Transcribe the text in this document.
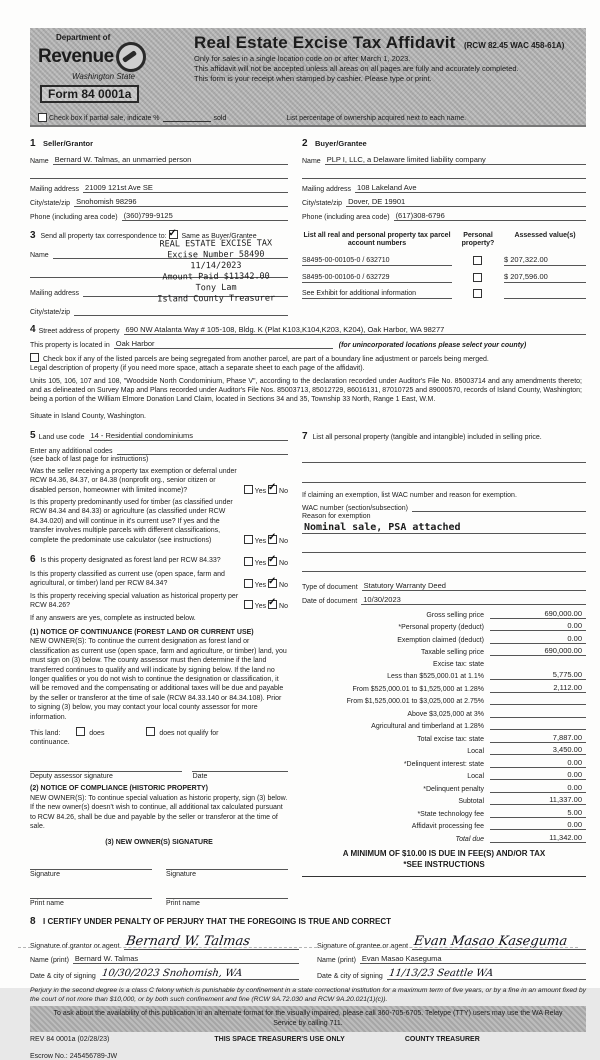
Department of
Revenue
Washington State
Form 84 0001a
Real Estate Excise Tax Affidavit (RCW 82.45 WAC 458-61A)
Only for sales in a single location code on or after March 1, 2023.
This affidavit will not be accepted unless all areas on all pages are fully and accurately completed.
This form is your receipt when stamped by cashier. Please type or print.
Check box if partial sale, indicate %	sold	List percentage of ownership acquired next to each name.
1 Seller/Grantor
Name Bernard W. Talmas, an unmarried person
Mailing address 21009 121st Ave SE
City/state/zip Snohomish 98296
Phone (including area code) (360)799-9125
2 Buyer/Grantee
Name PLP I, LLC, a Delaware limited liability company
Mailing address 108 Lakeland Ave
City/state/zip Dover, DE 19901
Phone (including area code) (617)308-6796
3 Send all property tax correspondence to: ✓ Same as Buyer/Grantee
Name
Mailing address
City/state/zip
REAL ESTATE EXCISE TAX
Excise Number 58490
11/14/2023
Amount Paid $11342.00
Tony Lam
Island County Treasurer
List all real and personal property tax parcel account numbers
Personal property?
Assessed value(s)
S8495-00-00105-0 / 632710	$ 207,322.00
S8495-00-00106-0 / 632729	$ 207,596.00
See Exhibit for additional information
4 Street address of property 690 NW Atalanta Way # 105-108, Bldg. K (Plat K103,K104,K203, K204), Oak Harbor, WA 98277
This property is located in Oak Harbor	(for unincorporated locations please select your county)
Check box if any of the listed parcels are being segregated from another parcel, are part of a boundary line adjustment or parcels being merged.
Legal description of property (if you need more space, attach a separate sheet to each page of the affidavit).
Units 105, 106, 107 and 108, "Woodside North Condominium, Phase V", according to the declaration recorded under Auditor's File No. 85003714 and any amendments thereto; and as delineated on Survey Map and Plans recorded under Auditor's File Nos. 85003713, 85012729, 86016131, 87010725 and 89000570, records of Island County, Washington; being a portion of the William Elmore Donation Land Claim, located in Sections 34 and 35, Township 33 North, Range 1 East, W.M.
Situate in Island County, Washington.
5 Land use code 14 - Residential condominiums
Enter any additional codes
(see back of last page for instructions)
Was the seller receiving a property tax exemption or deferral under RCW 84.36, 84.37, or 84.38 (nonprofit org., senior citizen or disabled person, homeowner with limited income)?	Yes ✓ No
Is this property predominantly used for timber (as classified under RCW 84.34 and 84.33) or agriculture (as classified under RCW 84.34.020) and will continue in it's current use? If yes and the transfer involves multiple parcels with different classifications, complete the predominate use calculator (see instructions)	Yes ✓ No
6 Is this property designated as forest land per RCW 84.33?	Yes ✓ No
Is this property classified as current use (open space, farm and agricultural, or timber) land per RCW 84.34?	Yes ✓ No
Is this property receiving special valuation as historical property per RCW 84.26?	Yes ✓ No
If any answers are yes, complete as instructed below.
(1) NOTICE OF CONTINUANCE (FOREST LAND OR CURRENT USE)
NEW OWNER(S): To continue the current designation as forest land or classification as current use (open space, farm and agriculture, or timber) land, you must sign on (3) below. The county assessor must then determine if the land transferred continues to qualify and will indicate by signing below. If the land no longer qualifies or you do not wish to continue the designation or classification, it will be removed and the compensating or additional taxes will be due and payable by the seller or transferor at the time of sale (RCW 84.33.140 or 84.34.108). Prior to signing (3) below, you may contact your local county assessor for more information.
This land:	does	does not qualify for
continuance.
Deputy assessor signature	Date
(2) NOTICE OF COMPLIANCE (HISTORIC PROPERTY)
NEW OWNER(S): To continue special valuation as historic property, sign (3) below. If the new owner(s) doesn't wish to continue, all additional tax calculated pursuant to RCW 84.26, shall be due and payable by the seller or transferor at the time of sale.
(3) NEW OWNER(S) SIGNATURE
Signature	Signature
Print name	Print name
7 List all personal property (tangible and intangible) included in selling price.
If claiming an exemption, list WAC number and reason for exemption.
WAC number (section/subsection)
Reason for exemption
Nominal sale, PSA attached
Type of document Statutory Warranty Deed
Date of document 10/30/2023
Gross selling price	690,000.00
*Personal property (deduct)	0.00
Exemption claimed (deduct)	0.00
Taxable selling price	690,000.00
Excise tax: state
Less than $525,000.01 at 1.1%	5,775.00
From $525,000.01 to $1,525,000 at 1.28%	2,112.00
From $1,525,000.01 to $3,025,000 at 2.75%
Above $3,025,000 at 3%
Agricultural and timberland at 1.28%
Total excise tax: state	7,887.00
Local	3,450.00
*Delinquent interest: state	0.00
Local	0.00
*Delinquent penalty	0.00
Subtotal	11,337.00
*State technology fee	5.00
Affidavit processing fee	0.00
Total due	11,342.00
A MINIMUM OF $10.00 IS DUE IN FEE(S) AND/OR TAX
*SEE INSTRUCTIONS
8 I CERTIFY UNDER PENALTY OF PERJURY THAT THE FOREGOING IS TRUE AND CORRECT
Signature of grantor or agent Bernard W. Talmas
Name (print) Bernard W. Talmas
Date & city of signing 10/30/2023 Snohomish, WA
Signature of grantee or agent Evan Masao Kaseguma
Name (print) Evan Masao Kaseguma
Date & city of signing 11/13/23 Seattle WA
Perjury in the second degree is a class C felony which is punishable by confinement in a state correctional institution for a maximum term of five years, or by a fine in an amount fixed by the court of not more than $10,000, or by both such confinement and fine (RCW 9A.72.030 and RCW 9A.20.021(1)(c)).
To ask about the availability of this publication in an alternate format for the visually impaired, please call 360-705-6705. Teletype (TTY) users may use the WA Relay Service by calling 711.
REV 84 0001a (02/28/23)	THIS SPACE TREASURER'S USE ONLY	COUNTY TREASURER
Escrow No.: 245456789-JW
